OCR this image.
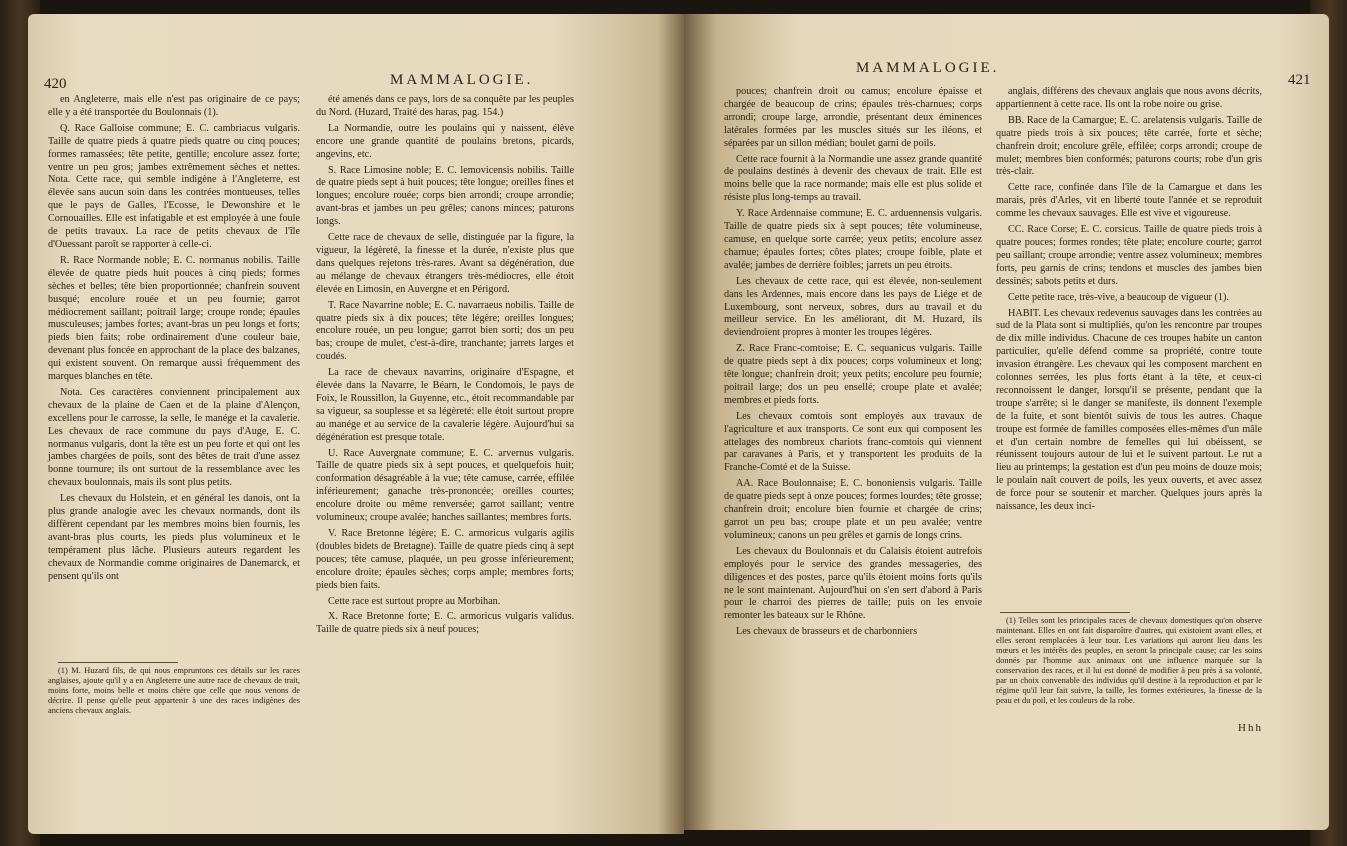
420	MAMMALOGIE.

en Angleterre, mais elle n'est pas originaire de ce pays; elle y a été transportée du Boulonnais (1).

Q. Race Galloise commune; E. C. cambriacus vulgaris. Taille de quatre pieds à quatre pieds quatre ou cinq pouces; formes ramassées; tête petite, gentille; encolure assez forte; ventre un peu gros; jambes extrêmement sèches et nettes. Nota. Cette race, qui semble indigène à l'Angleterre, est élevée sans aucun soin dans les contrées montueuses, telles que le pays de Galles, l'Ecosse, le Dewonshire et le Cornouailles. Elle est infatigable et est employée à une foule de petits travaux. La race de petits chevaux de l'île d'Ouessant paroît se rapporter à celle-ci.

R. Race Normande noble; E. C. normanus nobilis. Taille élevée de quatre pieds huit pouces à cinq pieds; formes sèches et belles; tête bien proportionnée; chanfrein souvent busqué; encolure rouée et un peu fournie; garrot médiocrement saillant; poitrail large; croupe ronde; épaules musculeuses; jambes fortes; avant-bras un peu longs et forts; pieds bien faits; robe ordinairement d'une couleur baie, devenant plus foncée en approchant de la place des balzanes, qui existent souvent. On remarque aussi fréquemment des marques blanches en tête.

Nota. Ces caractères conviennent principalement aux chevaux de la plaine de Caen et de la plaine d'Alençon, excellens pour le carrosse, la selle, le manége et la cavalerie. Les chevaux de race commune du pays d'Auge, E. C. normanus vulgaris, dont la tête est un peu forte et qui ont les jambes chargées de poils, sont des bêtes de trait d'une assez bonne tournure; ils ont surtout de la ressemblance avec les chevaux boulonnais, mais ils sont plus petits.

Les chevaux du Holstein, et en général les danois, ont la plus grande analogie avec les chevaux normands, dont ils diffèrent cependant par les membres moins bien fournis, les avant-bras plus courts, les pieds plus volumineux et le tempérament plus lâche. Plusieurs auteurs regardent les chevaux de Normandie comme originaires de Danemarck, et pensent qu'ils ont

(1) M. Huzard fils, de qui nous empruntons ces détails sur les races anglaises, ajoute qu'il y a en Angleterre une autre race de chevaux de trait, moins forte, moins belle et moins chère que celle que nous venons de décrire. Il pense qu'elle peut appartenir à une des races indigènes des anciens chevaux anglais.

été amenés dans ce pays, lors de sa conquête par les peuples du Nord. (Huzard, Traité des haras, pag. 154.)

La Normandie, outre les poulains qui y naissent, élève encore une grande quantité de poulains bretons, picards, angevins, etc.

S. Race Limosine noble; E. C. lemovicensis nobilis. Taille de quatre pieds sept à huit pouces; tête longue; oreilles fines et longues; encolure rouée; corps bien arrondi; croupe arrondie; avant-bras et jambes un peu grêles; canons minces; paturons longs.

Cette race de chevaux de selle, distinguée par la figure, la vigueur, la légèreté, la finesse et la durée, n'existe plus que dans quelques rejetons très-rares. Avant sa dégénération, due au mélange de chevaux étrangers très-médiocres, elle étoit élevée en Limosin, en Auvergne et en Périgord.

T. Race Navarrine noble; E. C. navarraeus nobilis. Taille de quatre pieds six à dix pouces; tête légère; oreilles longues; encolure rouée, un peu longue; garrot bien sorti; dos un peu bas; croupe de mulet, c'est-à-dire, tranchante; jarrets larges et coudés.

La race de chevaux navarrins, originaire d'Espagne, et élevée dans la Navarre, le Béarn, le Condomois, le pays de Foix, le Roussillon, la Guyenne, etc., étoit recommandable par sa vigueur, sa souplesse et sa légèreté: elle étoit surtout propre au manége et au service de la cavalerie légère. Aujourd'hui sa dégénération est presque totale.

U. Race Auvergnate commune; E. C. arvernus vulgaris. Taille de quatre pieds six à sept pouces, et quelquefois huit; conformation désagréable à la vue; tête camuse, carrée, effilée inférieurement; ganache très-prononcée; oreilles courtes; encolure droite ou même renversée; garrot saillant; ventre volumineux; croupe avalée; hanches saillantes; membres forts.

V. Race Bretonne légère; E. C. armoricus vulgaris agilis (doubles bidets de Bretagne). Taille de quatre pieds cinq à sept pouces; tête camuse, plaquée, un peu grosse inférieurement; encolure droite; épaules sèches; corps ample; membres forts; pieds bien faits.

Cette race est surtout propre au Morbihan.

X. Race Bretonne forte; E. C. armoricus vulgaris validus. Taille de quatre pieds six à neuf pouces;

MAMMALOGIE.
421

pouces; chanfrein droit ou camus; encolure épaisse et chargée de beaucoup de crins; épaules très-charnues; corps arrondi; croupe large, arrondie, présentant deux éminences latérales formées par les muscles situés sur les iléons, et séparées par un sillon médian; boulet garni de poils.

Cette race fournit à la Normandie une assez grande quantité de poulains destinés à devenir des chevaux de trait. Elle est moins belle que la race normande; mais elle est plus solide et résiste plus long-temps au travail.

Y. Race Ardennaise commune; E. C. arduennensis vulgaris. Taille de quatre pieds six à sept pouces; tête volumineuse, camuse, en quelque sorte carrée; yeux petits; encolure assez charnue; épaules fortes; côtes plates; croupe foible, plate et avalée; jambes de derrière foibles; jarrets un peu étroits.

Les chevaux de cette race, qui est élevée, non-seulement dans les Ardennes, mais encore dans les pays de Liége et de Luxembourg, sont nerveux, sobres, durs au travail et du meilleur service. En les améliorant, dit M. Huzard, ils deviendroient propres à monter les troupes légères.

Z. Race Franc-comtoise; E. C. sequanicus vulgaris. Taille de quatre pieds sept à dix pouces; corps volumineux et long; tête longue; chanfrein droit; yeux petits; encolure peu fournie; poitrail large; dos un peu ensellé; croupe plate et avalée; membres et pieds forts.

Les chevaux comtois sont employés aux travaux de l'agriculture et aux transports. Ce sont eux qui composent les attelages des nombreux chariots franc-comtois qui viennent par caravanes à Paris, et y transportent les produits de la Franche-Comté et de la Suisse.

AA. Race Boulonnaise; E. C. bononiensis vulgaris. Taille de quatre pieds sept à onze pouces; formes lourdes; tête grosse; chanfrein droit; encolure bien fournie et chargée de crins; garrot un peu bas; croupe plate et un peu avalée; ventre volumineux; canons un peu grêles et garnis de longs crins.

Les chevaux du Boulonnais et du Calaisis étoient autrefois employés pour le service des grandes messageries, des diligences et des postes, parce qu'ils étoient moins forts qu'ils ne le sont maintenant. Aujourd'hui on s'en sert d'abord à Paris pour le charroi des pierres de taille; puis on les envoie remonter les bateaux sur le Rhône.

Les chevaux de brasseurs et de charbonniers

anglais, différens des chevaux anglais que nous avons décrits, appartiennent à cette race. Ils ont la robe noire ou grise.

BB. Race de la Camargue; E. C. arelatensis vulgaris. Taille de quatre pieds trois à six pouces; tête carrée, forte et sèche; chanfrein droit; encolure grêle, effilée; corps arrondi; croupe de mulet; membres bien conformés; paturons courts; robe d'un gris très-clair.

Cette race, confinée dans l'île de la Camargue et dans les marais, près d'Arles, vit en liberté toute l'année et se reproduit comme les chevaux sauvages. Elle est vive et vigoureuse.

CC. Race Corse; E. C. corsicus. Taille de quatre pieds trois à quatre pouces; formes rondes; tête plate; encolure courte; garrot peu saillant; croupe arrondie; ventre assez volumineux; membres forts, peu garnis de crins; tendons et muscles des jambes bien dessinés; sabots petits et durs.

Cette petite race, très-vive, a beaucoup de vigueur (1).

HABIT. Les chevaux redevenus sauvages dans les contrées au sud de la Plata sont si multipliés, qu'on les rencontre par troupes de dix mille individus. Chacune de ces troupes habite un canton particulier, qu'elle défend comme sa propriété, contre toute invasion étrangère. Les chevaux qui les composent marchent en colonnes serrées, les plus forts étant à la tête, et ceux-ci reconnoissent le danger, lorsqu'il se présente, pendant que la troupe s'arrête; si le danger se manifeste, ils donnent l'exemple de la fuite, et sont bientôt suivis de tous les autres. Chaque troupe est formée de familles composées elles-mêmes d'un mâle et d'un certain nombre de femelles qui lui obéissent, se réunissent toujours autour de lui et le suivent partout. Le rut a lieu au printemps; la gestation est d'un peu moins de douze mois; le poulain naît couvert de poils, les yeux ouverts, et avec assez de force pour se soutenir et marcher. Quelques jours après la naissance, les deux inci-

(1) Telles sont les principales races de chevaux domestiques qu'on observe maintenant. Elles en ont fait disparoître d'autres, qui existoient avant elles, et elles seront remplacées à leur tour. Les variations qui auront lieu dans les mœurs et les intérêts des peuples, en seront la principale cause; car les soins donnés par l'homme aux animaux ont une influence marquée sur la conservation des races, et il lui est donné de modifier à peu près à sa volonté, par un choix convenable des individus qu'il destine à la reproduction et par le régime qu'il leur fait suivre, la taille, les formes extérieures, la finesse de la peau et du poil, et les couleurs de la robe.

Hhh
